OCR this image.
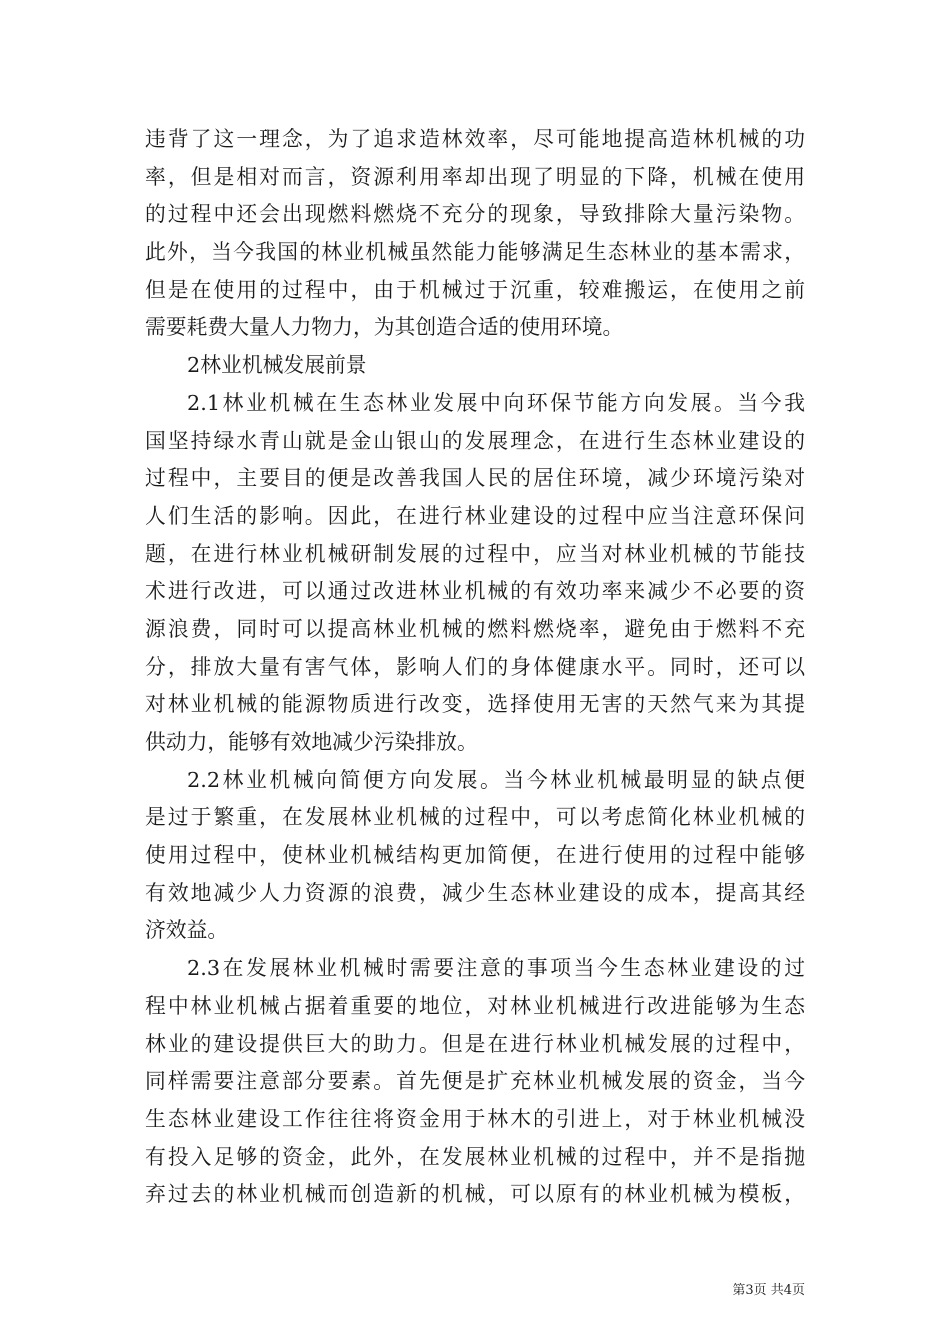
违背了这一理念，为了追求造林效率，尽可能地提高造林机械的功
率，但是相对而言，资源利用率却出现了明显的下降，机械在使用
的过程中还会出现燃料燃烧不充分的现象，导致排除大量污染物。
此外，当今我国的林业机械虽然能力能够满足生态林业的基本需求，
但是在使用的过程中，由于机械过于沉重，较难搬运，在使用之前
需要耗费大量人力物力，为其创造合适的使用环境。
2林业机械发展前景
2.1林业机械在生态林业发展中向环保节能方向发展。当今我
国坚持绿水青山就是金山银山的发展理念，在进行生态林业建设的
过程中，主要目的便是改善我国人民的居住环境，减少环境污染对
人们生活的影响。因此，在进行林业建设的过程中应当注意环保问
题，在进行林业机械研制发展的过程中，应当对林业机械的节能技
术进行改进，可以通过改进林业机械的有效功率来减少不必要的资
源浪费，同时可以提高林业机械的燃料燃烧率，避免由于燃料不充
分，排放大量有害气体，影响人们的身体健康水平。同时，还可以
对林业机械的能源物质进行改变，选择使用无害的天然气来为其提
供动力，能够有效地减少污染排放。
2.2林业机械向简便方向发展。当今林业机械最明显的缺点便
是过于繁重，在发展林业机械的过程中，可以考虑简化林业机械的
使用过程中，使林业机械结构更加简便，在进行使用的过程中能够
有效地减少人力资源的浪费，减少生态林业建设的成本，提高其经
济效益。
2.3在发展林业机械时需要注意的事项当今生态林业建设的过
程中林业机械占据着重要的地位，对林业机械进行改进能够为生态
林业的建设提供巨大的助力。但是在进行林业机械发展的过程中，
同样需要注意部分要素。首先便是扩充林业机械发展的资金，当今
生态林业建设工作往往将资金用于林木的引进上，对于林业机械没
有投入足够的资金，此外，在发展林业机械的过程中，并不是指抛
弃过去的林业机械而创造新的机械，可以原有的林业机械为模板，
第3页 共4页
